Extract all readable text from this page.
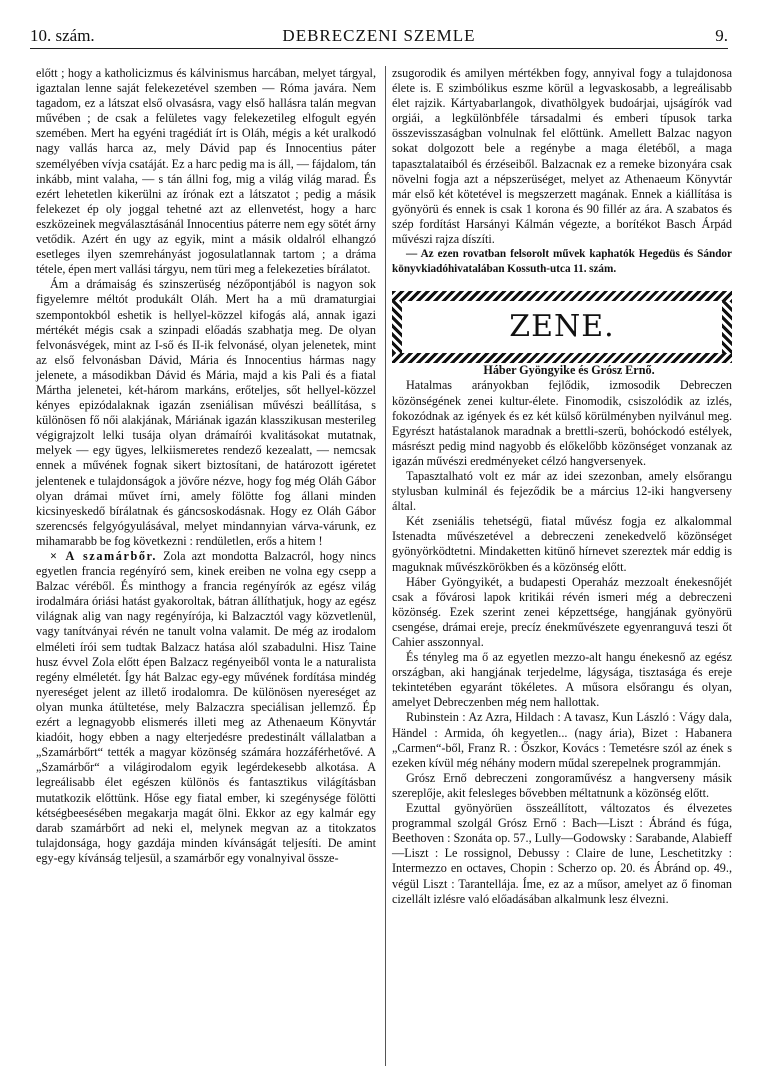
10. szám.	DEBRECZENI SZEMLE	9.

előtt ; hogy a katholicizmus és kálvinismus harcában, melyet tárgyal, igaztalan lenne saját felekezetével szemben — Róma javára. Nem tagadom, ez a látszat első olvasásra, vagy első hallásra talán megvan művében ; de csak a felületes vagy felekezetileg elfogult egyén szemében. Mert ha egyéni tragédiát írt is Oláh, mégis a két uralkodó nagy vallás harca az, mely Dávid pap és Innocentius páter személyében vívja csatáját. Ez a harc pedig ma is áll, — fájdalom, tán inkább, mint valaha, — s tán állni fog, mig a világ világ marad. És ezért lehetetlen kikerülni az írónak ezt a látszatot ; pedig a másik felekezet ép oly joggal tehetné azt az ellenvetést, hogy a harc eszközeinek megválasztásánál Innocentius páterre nem egy sötét árny vetődik. Azért én ugy az egyik, mint a másik oldalról elhangzó esetleges ilyen szemrehányást jogosulatlannak tartom ; a dráma tétele, épen mert vallási tárgyu, nem türi meg a felekezeties bírálatot.

Ám a drámaiság és szinszerüség nézőpontjából is nagyon sok figyelemre méltót produkált Oláh. Mert ha a mü dramaturgiai szempontokból eshetik is hellyel-közzel kifogás alá, annak igazi mértékét mégis csak a szinpadi előadás szabhatja meg. De olyan felvonásvégek, mint az I-ső és II-ik felvonásé, olyan jelenetek, mint az első felvonásban Dávid, Mária és Innocentius hármas nagy jelenete, a másodikban Dávid és Mária, majd a kis Pali és a fiatal Mártha jelenetei, két-három markáns, erőteljes, sőt hellyel-közzel kényes epizódalaknak igazán zseniálisan művészi beállítása, s különösen fő női alakjának, Máriának igazán klasszikusan mesterileg végigrajzolt lelki tusája olyan drámaírói kvalitásokat mutatnak, melyek — egy ügyes, lelkiismeretes rendező kezealatt, — nemcsak ennek a művének fognak sikert biztosítani, de határozott igéretet jelentenek e tulajdonságok a jövőre nézve, hogy fog még Oláh Gábor olyan drámai művet írni, amely fölötte fog állani minden kicsinyeskedő bírálatnak és gáncsoskodásnak. Hogy ez Oláh Gábor szerencsés felgyógyulásával, melyet mindannyian várva-várunk, ez mihamarabb be fog következni : rendületlen, erős a hitem !

× A szamárbőr. Zola azt mondotta Balzacról, hogy nincs egyetlen francia regényíró sem, kinek ereiben ne volna egy csepp a Balzac véréből. És minthogy a francia regényírók az egész világ irodalmára óriási hatást gyakoroltak, bátran állíthatjuk, hogy az egész világnak alig van nagy regényírója, ki Balzacztól vagy közvetlenül, vagy tanítványai révén ne tanult volna valamit. De még az irodalom elméleti írói sem tudtak Balzacz hatása alól szabadulni. Hisz Taine husz évvel Zola előtt épen Balzacz regényeiből vonta le a naturalista regény elméletét. Így hát Balzac egy-egy művének fordítása mindég nyereséget jelent az illető irodalomra. De különösen nyereséget az olyan munka átültetése, mely Balzaczra speciálisan jellemző. Ép ezért a legnagyobb elismerés illeti meg az Athenaeum Könyvtár kiadóit, hogy ebben a nagy elterjedésre predestinált vállalatban a „Szamárbőrt“ tették a magyar közönség számára hozzáférhetővé. A „Szamárbőr“ a világirodalom egyik legérdekesebb alkotása. A legreálisabb élet egészen különös és fantasztikus világításban mutatkozik előttünk. Hőse egy fiatal ember, ki szegénysége fölötti kétségbeesésében megakarja magát ölni. Ekkor az egy kalmár egy darab szamárbőrt ad neki el, melynek megvan az a titokzatos tulajdonsága, hogy gazdája minden kívánságát teljesíti. De amint egy-egy kívánság teljesül, a szamárbőr egy vonalnyival össze-

zsugorodik és amilyen mértékben fogy, annyival fogy a tulajdonosa élete is. E szimbólikus eszme körül a legvaskosabb, a legreálisabb élet rajzik. Kártyabarlangok, divathölgyek budoárjai, ujságírók vad orgiái, a legkülönbféle társadalmi és emberi típusok tarka összevisszaságban volnulnak fel előttünk. Amellett Balzac nagyon sokat dolgozott bele a regénybe a maga életéből, a maga tapasztalataiból és érzéseiből. Balzacnak ez a remeke bizonyára csak növelni fogja azt a népszerüséget, melyet az Athenaeum Könyvtár már első két kötetével is megszerzett magának. Ennek a kiállítása is gyönyörü és ennek is csak 1 korona és 90 fillér az ára. A szabatos és szép fordítást Harsányi Kálmán végezte, a borítékot Basch Árpád művészi rajza díszíti.

— Az ezen rovatban felsorolt művek kaphatók Hegedüs és Sándor könyvkiadóhivatalában Kossuth-utca 11. szám.

ZENE.

Háber Gyöngyike és Grósz Ernő.

Hatalmas arányokban fejlődik, izmosodik Debreczen közönségének zenei kultur-élete. Finomodik, csiszolódik az izlés, fokozódnak az igények és ez két külső körülményben nyilvánul meg. Egyrészt hatástalanok maradnak a brettli-szerü, bohóckodó estélyek, másrészt pedig mind nagyobb és előkelőbb közönséget vonzanak az igazán művészi eredményeket célzó hangversenyek.

Tapasztalható volt ez már az idei szezonban, amely elsőrangu stylusban kulminál és fejeződik be a március 12-iki hangverseny által.

Két zseniális tehetségü, fiatal művész fogja ez alkalommal Istenadta művészetével a debreczeni zenekedvelő közönséget gyönyörködtetni. Mindaketten kitünő hírnevet szereztek már eddig is maguknak művészkörökben és a közönség előtt.

Háber Gyöngyikét, a budapesti Operaház mezzoalt énekesnőjét csak a fővárosi lapok kritikái révén ismeri még a debreczeni közönség. Ezek szerint zenei képzettsége, hangjának gyönyörü csengése, drámai ereje, precíz énekművészete egyenranguvá teszi őt Cahier asszonnyal.

És tényleg ma ő az egyetlen mezzo-alt hangu énekesnő az egész országban, aki hangjának terjedelme, lágysága, tisztasága és ereje tekintetében egyaránt tökéletes. A műsora elsőrangu és olyan, amelyet Debreczenben még nem hallottak.

Rubinstein : Az Azra, Hildach : A tavasz, Kun László : Vágy dala, Händel : Armida, óh kegyetlen... (nagy ária), Bizet : Habanera „Carmen“-ből, Franz R. : Őszkor, Kovács : Temetésre szól az ének s ezeken kívül még néhány modern műdal szerepelnek programmján.

Grósz Ernő debreczeni zongoraművész a hangverseny másik szereplője, akit felesleges bővebben méltatnunk a közönség előtt.

Ezuttal gyönyörüen összeállított, változatos és élvezetes programmal szolgál Grósz Ernő : Bach—Liszt : Ábránd és fúga, Beethoven : Szonáta op. 57., Lully—Godowsky : Sarabande, Alabieff—Liszt : Le rossignol, Debussy : Claire de lune, Leschetitzky : Intermezzo en octaves, Chopin : Scherzo op. 20. és Ábránd op. 49., végül Liszt : Tarantellája. Íme, ez az a műsor, amelyet az ő finoman cizellált izlésre való előadásában alkalmunk lesz élvezni.
